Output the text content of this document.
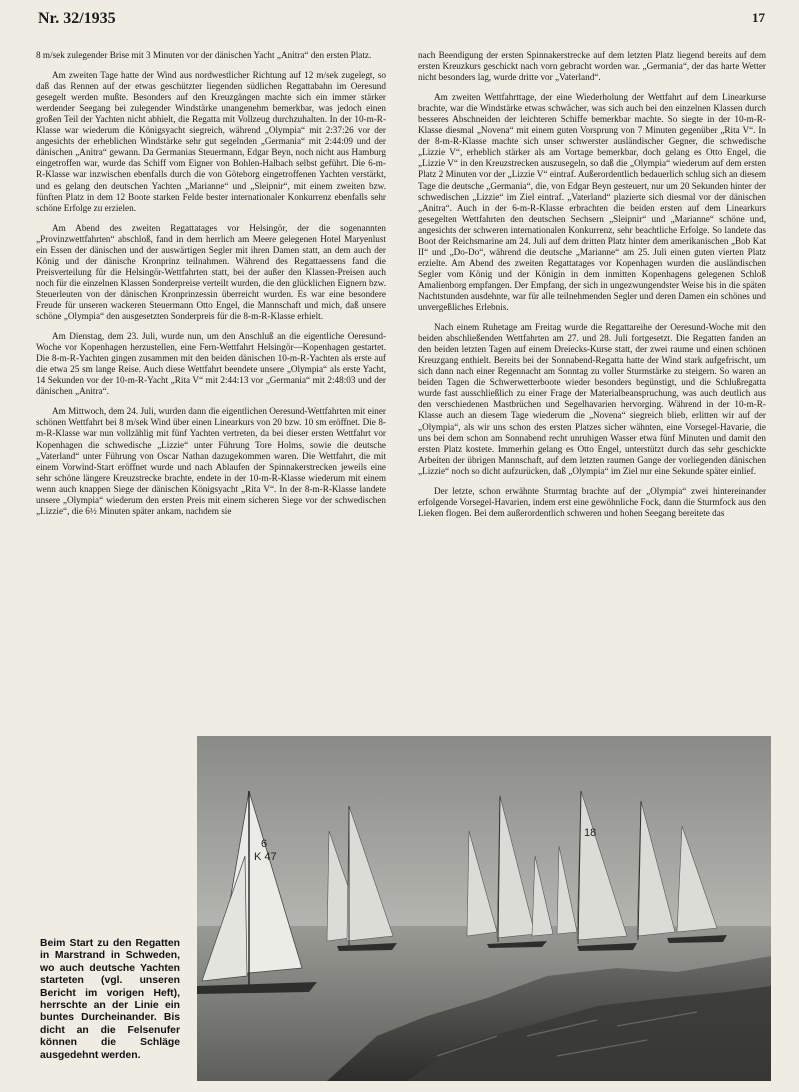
Nr. 32/1935	17

8 m/sek zulegender Brise mit 3 Minuten vor der dänischen Yacht „Anitra“ den ersten Platz.

Am zweiten Tage hatte der Wind aus nordwestlicher Richtung auf 12 m/sek zugelegt, so daß das Rennen auf der etwas geschützter liegenden südlichen Regattabahn im Oeresund gesegelt werden mußte. Besonders auf den Kreuzgängen machte sich ein immer stärker werdender Seegang bei zulegender Windstärke unangenehm bemerkbar, was jedoch einen großen Teil der Yachten nicht abhielt, die Regatta mit Vollzeug durchzuhalten. In der 10-m-R-Klasse war wiederum die Königsyacht siegreich, während „Olympia“ mit 2:37:26 vor der angesichts der erheblichen Windstärke sehr gut segelnden „Germania“ mit 2:44:09 und der dänischen „Anitra“ gewann. Da Germanias Steuermann, Edgar Beyn, noch nicht aus Hamburg eingetroffen war, wurde das Schiff vom Eigner von Bohlen-Halbach selbst geführt. Die 6-m-R-Klasse war inzwischen ebenfalls durch die von Göteborg eingetroffenen Yachten verstärkt, und es gelang den deutschen Yachten „Marianne“ und „Sleipnir“, mit einem zweiten bzw. fünften Platz in dem 12 Boote starken Felde bester internationaler Konkurrenz ebenfalls sehr schöne Erfolge zu erzielen.

Am Abend des zweiten Regattatages vor Helsingör, der die sogenannten „Provinzwettfahrten“ abschloß, fand in dem herrlich am Meere gelegenen Hotel Maryenlust ein Essen der dänischen und der auswärtigen Segler mit ihren Damen statt, an dem auch der König und der dänische Kronprinz teilnahmen. Während des Regattaessens fand die Preisverteilung für die Helsingör-Wettfahrten statt, bei der außer den Klassen-Preisen auch noch für die einzelnen Klassen Sonderpreise verteilt wurden, die den glücklichen Eignern bzw. Steuerleuten von der dänischen Kronprinzessin überreicht wurden. Es war eine besondere Freude für unseren wackeren Steuermann Otto Engel, die Mannschaft und mich, daß unsere schöne „Olympia“ den ausgesetzten Sonderpreis für die 8-m-R-Klasse erhielt.

Am Dienstag, dem 23. Juli, wurde nun, um den Anschluß an die eigentliche Oeresund-Woche vor Kopenhagen herzustellen, eine Fern-Wettfahrt Helsingör—Kopenhagen gestartet. Die 8-m-R-Yachten gingen zusammen mit den beiden dänischen 10-m-R-Yachten als erste auf die etwa 25 sm lange Reise. Auch diese Wettfahrt beendete unsere „Olympia“ als erste Yacht, 14 Sekunden vor der 10-m-R-Yacht „Rita V“ mit 2:44:13 vor „Germania“ mit 2:48:03 und der dänischen „Anitra“.

Am Mittwoch, dem 24. Juli, wurden dann die eigentlichen Oeresund-Wettfahrten mit einer schönen Wettfahrt bei 8 m/sek Wind über einen Linearkurs von 20 bzw. 10 sm eröffnet. Die 8-m-R-Klasse war nun vollzählig mit fünf Yachten vertreten, da bei dieser ersten Wettfahrt vor Kopenhagen die schwedische „Lizzie“ unter Führung Tore Holms, sowie die deutsche „Vaterland“ unter Führung von Oscar Nathan dazugekommen waren. Die Wettfahrt, die mit einem Vorwind-Start eröffnet wurde und nach Ablaufen der Spinnakerstrecken jeweils eine sehr schöne längere Kreuzstrecke brachte, endete in der 10-m-R-Klasse wiederum mit einem wenn auch knappen Siege der dänischen Königsyacht „Rita V“. In der 8-m-R-Klasse landete unsere „Olympia“ wiederum den ersten Preis mit einem sicheren Siege vor der schwedischen „Lizzie“, die 6½ Minuten später ankam, nachdem sie

nach Beendigung der ersten Spinnakerstrecke auf dem letzten Platz liegend bereits auf dem ersten Kreuzkurs geschickt nach vorn gebracht worden war. „Germania“, der das harte Wetter nicht besonders lag, wurde dritte vor „Vaterland“.

Am zweiten Wettfahrttage, der eine Wiederholung der Wettfahrt auf dem Linearkurse brachte, war die Windstärke etwas schwächer, was sich auch bei den einzelnen Klassen durch besseres Abschneiden der leichteren Schiffe bemerkbar machte. So siegte in der 10-m-R-Klasse diesmal „Novena“ mit einem guten Vorsprung von 7 Minuten gegenüber „Rita V“. In der 8-m-R-Klasse machte sich unser schwerster ausländischer Gegner, die schwedische „Lizzie V“, erheblich stärker als am Vortage bemerkbar, doch gelang es Otto Engel, die „Lizzie V“ in den Kreuzstrecken auszusegeln, so daß die „Olympia“ wiederum auf dem ersten Platz 2 Minuten vor der „Lizzie V“ eintraf. Außerordentlich bedauerlich schlug sich an diesem Tage die deutsche „Germania“, die, von Edgar Beyn gesteuert, nur um 20 Sekunden hinter der schwedischen „Lizzie“ im Ziel eintraf. „Vaterland“ plazierte sich diesmal vor der dänischen „Anitra“. Auch in der 6-m-R-Klasse erbrachten die beiden ersten auf dem Linearkurs gesegelten Wettfahrten den deutschen Sechsern „Sleipnir“ und „Marianne“ schöne und, angesichts der schweren internationalen Konkurrenz, sehr beachtliche Erfolge. So landete das Boot der Reichsmarine am 24. Juli auf dem dritten Platz hinter dem amerikanischen „Bob Kat II“ und „Do-Do“, während die deutsche „Marianne“ am 25. Juli einen guten vierten Platz erzielte. Am Abend des zweiten Regattatages vor Kopenhagen wurden die ausländischen Segler vom König und der Königin in dem inmitten Kopenhagens gelegenen Schloß Amalienborg empfangen. Der Empfang, der sich in ungezwungendster Weise bis in die späten Nachtstunden ausdehnte, war für alle teilnehmenden Segler und deren Damen ein schönes und unvergeßliches Erlebnis.

Nach einem Ruhetage am Freitag wurde die Regattareihe der Oeresund-Woche mit den beiden abschließenden Wettfahrten am 27. und 28. Juli fortgesetzt. Die Regatten fanden an den beiden letzten Tagen auf einem Dreiecks-Kurse statt, der zwei raume und einen schönen Kreuzgang enthielt. Bereits bei der Sonnabend-Regatta hatte der Wind stark aufgefrischt, um sich dann nach einer Regennacht am Sonntag zu voller Sturmstärke zu steigern. So waren an beiden Tagen die Schwerwetterboote wieder besonders begünstigt, und die Schlußregatta wurde fast ausschließlich zu einer Frage der Materialbeanspruchung, was auch deutlich aus den verschiedenen Mastbrüchen und Segelhavarien hervorging. Während in der 10-m-R-Klasse auch an diesem Tage wiederum die „Novena“ siegreich blieb, erlitten wir auf der „Olympia“, als wir uns schon des ersten Platzes sicher wähnten, eine Vorsegel-Havarie, die uns bei dem schon am Sonnabend recht unruhigen Wasser etwa fünf Minuten und damit den ersten Platz kostete. Immerhin gelang es Otto Engel, unterstützt durch das sehr geschickte Arbeiten der übrigen Mannschaft, auf dem letzten raumen Gange der vorliegenden dänischen „Lizzie“ noch so dicht aufzurücken, daß „Olympia“ im Ziel nur eine Sekunde später einlief.

Der letzte, schon erwähnte Sturmtag brachte auf der „Olympia“ zwei hintereinander erfolgende Vorsegel-Havarien, indem erst eine gewöhnliche Fock, dann die Sturmfock aus den Lieken flogen. Bei dem außerordentlich schweren und hohen Seegang bereitete das

6
K 47
18
Beim Start zu den Regatten in Marstrand in Schweden, wo auch deutsche Yachten starteten (vgl. unseren Bericht im vorigen Heft), herrschte an der Linie ein buntes Durcheinander. Bis dicht an die Felsenufer können die Schläge ausgedehnt werden.
